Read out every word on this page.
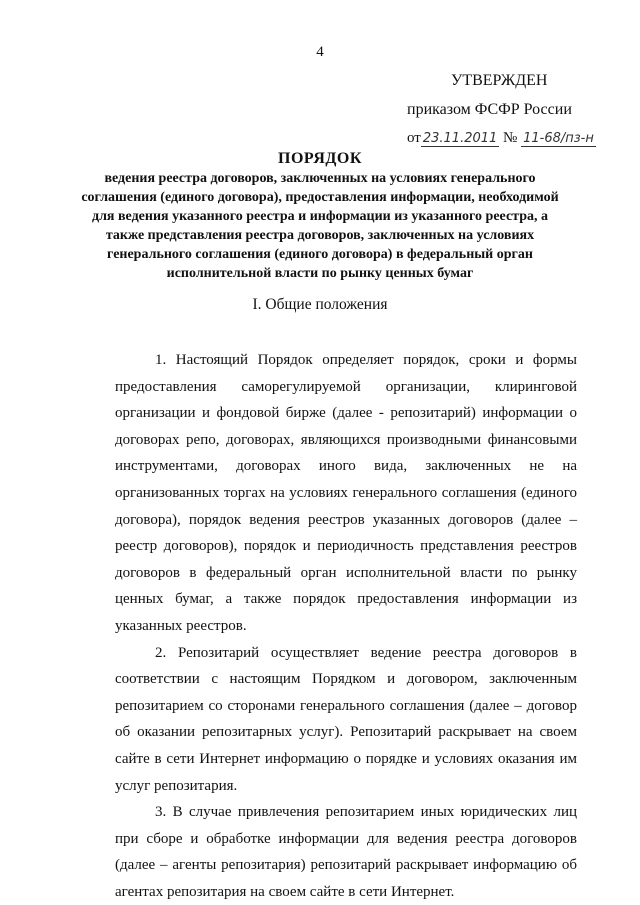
4
УТВЕРЖДЕН
приказом ФСФР России
от 23.11.2011 № 11-68/пз-н
ПОРЯДОК
ведения реестра договоров, заключенных на условиях генерального соглашения (единого договора), предоставления информации, необходимой для ведения указанного реестра и информации из указанного реестра, а также представления реестра договоров, заключенных на условиях генерального соглашения (единого договора) в федеральный орган исполнительной власти по рынку ценных бумаг
I. Общие положения

1. Настоящий Порядок определяет порядок, сроки и формы предоставления саморегулируемой организации, клиринговой организации и фондовой бирже (далее - репозитарий) информации о договорах репо, договорах, являющихся производными финансовыми инструментами, договорах иного вида, заключенных не на организованных торгах на условиях генерального соглашения (единого договора), порядок ведения реестров указанных договоров (далее – реестр договоров), порядок и периодичность представления реестров договоров в федеральный орган исполнительной власти по рынку ценных бумаг, а также порядок предоставления информации из указанных реестров.

2. Репозитарий осуществляет ведение реестра договоров в соответствии с настоящим Порядком и договором, заключенным репозитарием со сторонами генерального соглашения (далее – договор об оказании репозитарных услуг). Репозитарий раскрывает на своем сайте в сети Интернет информацию о порядке и условиях оказания им услуг репозитария.

3. В случае привлечения репозитарием иных юридических лиц при сборе и обработке информации для ведения реестра договоров (далее – агенты репозитария) репозитарий раскрывает информацию об агентах репозитария на своем сайте в сети Интернет.
